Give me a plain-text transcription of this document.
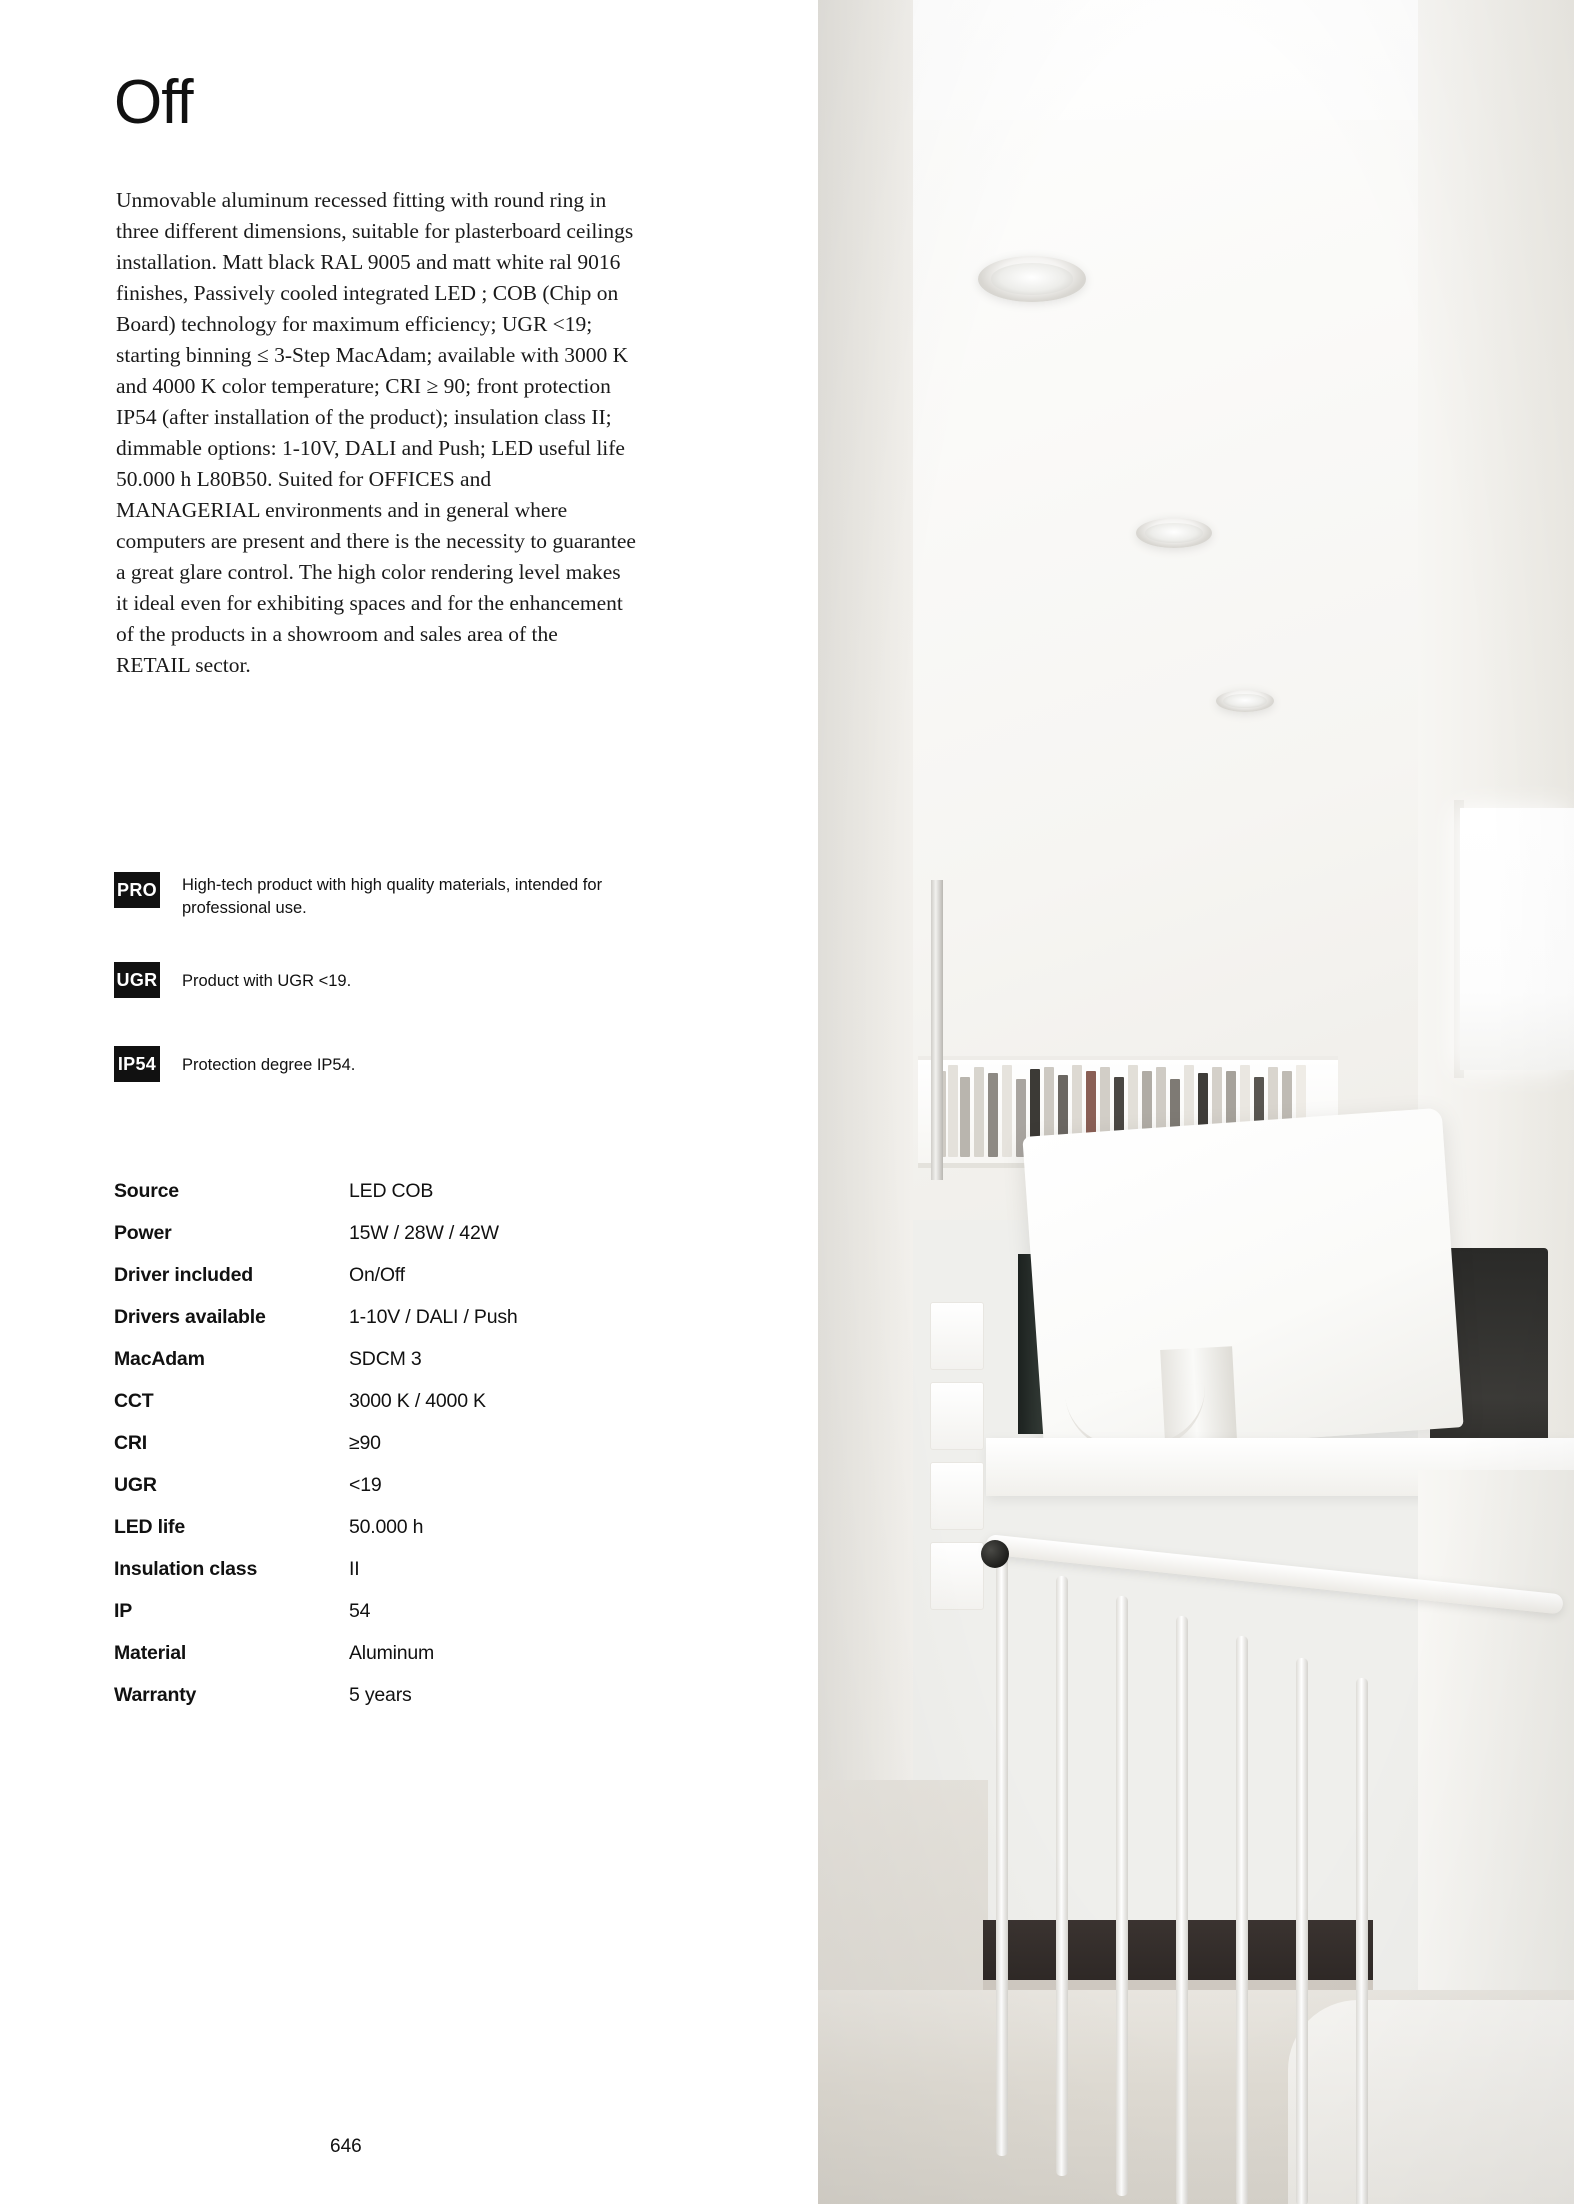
Off

Unmovable aluminum recessed fitting with round ring in three different dimensions, suitable for plasterboard ceilings installation. Matt black RAL 9005 and matt white ral 9016 finishes, Passively cooled integrated LED ; COB (Chip on Board) technology for maximum efficiency; UGR <19; starting binning ≤ 3-Step MacAdam; available with 3000 K and 4000 K color temperature; CRI ≥ 90; front protection IP54 (after installation of the product); insulation class II; dimmable options: 1-10V, DALI and Push; LED useful life 50.000 h L80B50. Suited for OFFICES and MANAGERIAL environments and in general where computers are present and there is the necessity to guarantee a great glare control. The high color rendering level makes it ideal even for exhibiting spaces and for the enhancement of the products in a showroom and sales area of the RETAIL sector.

PRO High-tech product with high quality materials, intended for professional use.
UGR Product with UGR <19.
IP54 Protection degree IP54.
Source	LED COB
Power	15W / 28W / 42W
Driver included	On/Off
Drivers available	1-10V / DALI / Push
MacAdam	SDCM 3
CCT	3000 K / 4000 K
CRI	≥90
UGR	<19
LED life	50.000 h
Insulation class	II
IP	54
Material	Aluminum
Warranty	5 years
646
